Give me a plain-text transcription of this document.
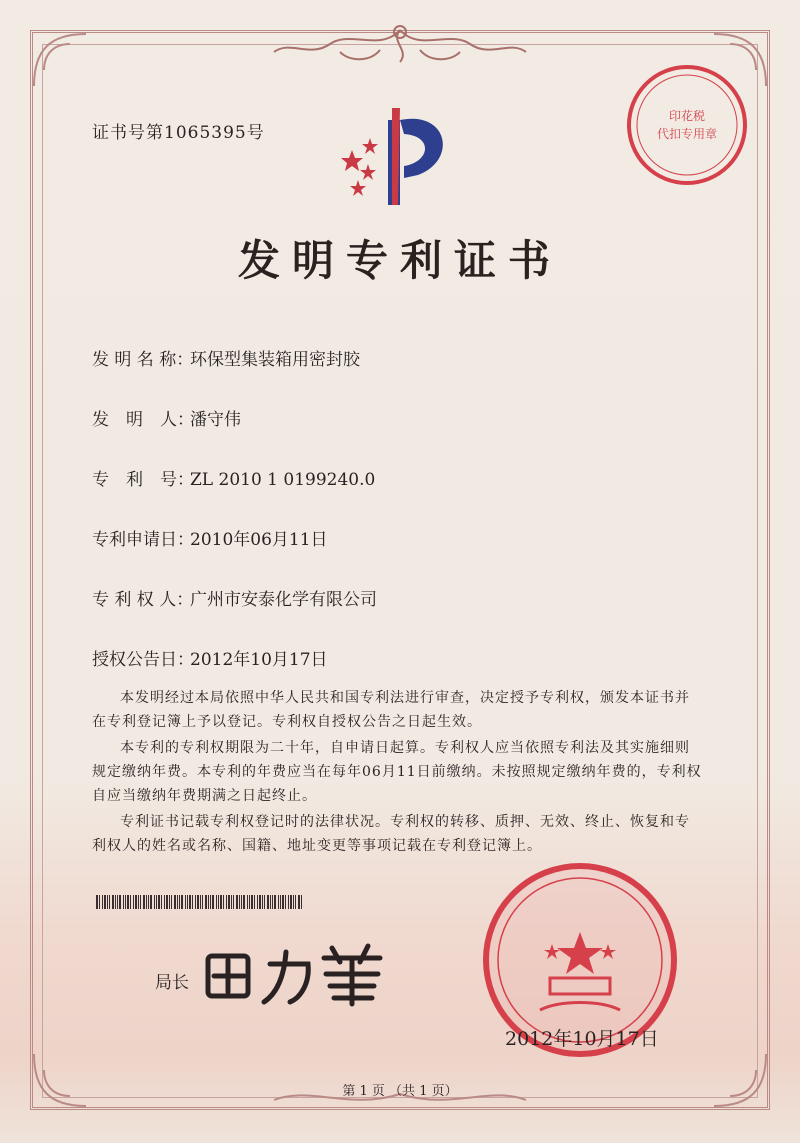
证书号第1065395号
印花税
代扣专用章
发明专利证书
发 明 名 称：环保型集装箱用密封胶
发　明　人：潘守伟
专　利　号：ZL 2010 1 0199240.0
专利申请日：2010年06月11日
专 利 权 人：广州市安泰化学有限公司
授权公告日：2012年10月17日

本发明经过本局依照中华人民共和国专利法进行审查，决定授予专利权，颁发本证书并在专利登记簿上予以登记。专利权自授权公告之日起生效。

本专利的专利权期限为二十年，自申请日起算。专利权人应当依照专利法及其实施细则规定缴纳年费。本专利的年费应当在每年06月11日前缴纳。未按照规定缴纳年费的，专利权自应当缴纳年费期满之日起终止。

专利证书记载专利权登记时的法律状况。专利权的转移、质押、无效、终止、恢复和专利权人的姓名或名称、国籍、地址变更等事项记载在专利登记簿上。

局长
2012年10月17日
第 1 页 （共 1 页）
